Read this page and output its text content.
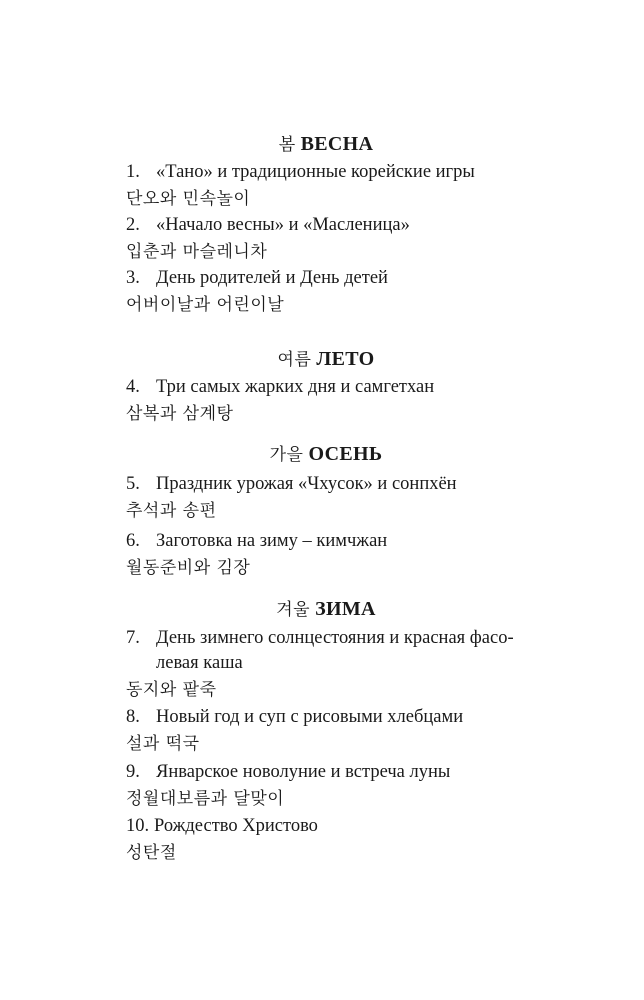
봄 ВЕСНА
1. «Тано» и традиционные корейские игры
단오와 민속놀이
2. «Начало весны» и «Масленица»
입춘과 마슬레니차
3. День родителей и День детей
어버이날과 어린이날
여름 ЛЕТО
4. Три самых жарких дня и самгетхан
삼복과 삼계탕
가을 ОСЕНЬ
5. Праздник урожая «Чхусок» и сонпхён
추석과 송편
6. Заготовка на зиму – кимчжан
월동준비와 김장
겨울 ЗИМА
7. День зимнего солнцестояния и красная фасо-
левая каша
동지와 팥죽
8. Новый год и суп с рисовыми хлебцами
설과 떡국
9. Январское новолуние и встреча луны
정월대보름과 달맞이
10. Рождество Христово
성탄절
